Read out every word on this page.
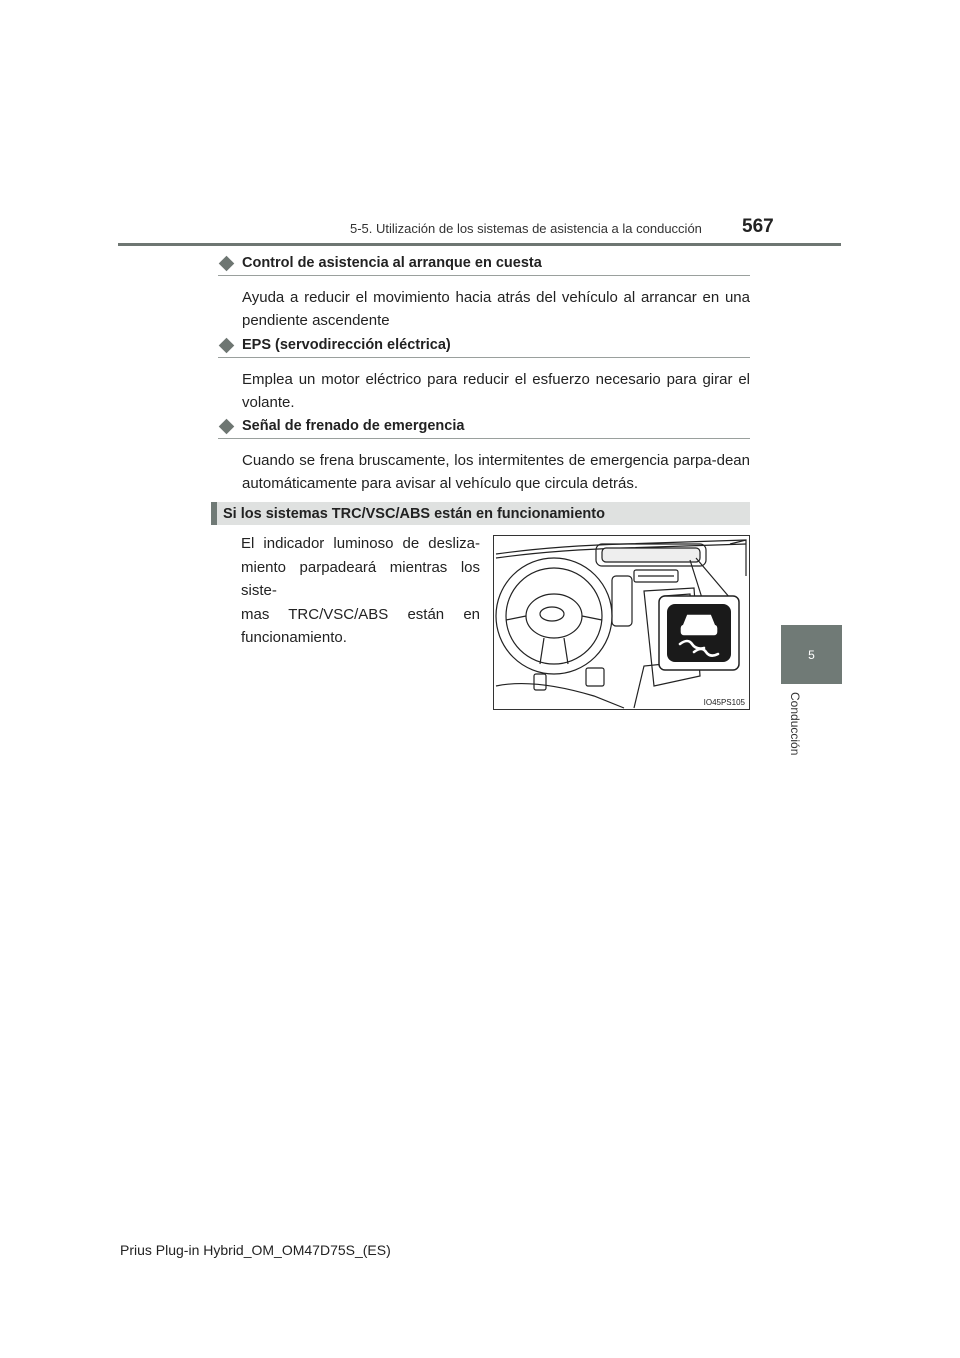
5-5. Utilización de los sistemas de asistencia a la conducción 567
5
Conducción
Control de asistencia al arranque en cuesta
Ayuda a reducir el movimiento hacia atrás del vehículo al arrancar en una pendiente ascendente
EPS (servodirección eléctrica)
Emplea un motor eléctrico para reducir el esfuerzo necesario para girar el volante.
Señal de frenado de emergencia
Cuando se frena bruscamente, los intermitentes de emergencia parpa-dean automáticamente para avisar al vehículo que circula detrás.
Si los sistemas TRC/VSC/ABS están en funcionamiento
El indicador luminoso de desliza-
miento parpadeará mientras los siste-
mas TRC/VSC/ABS están en
funcionamiento.
IO45PS105
Prius Plug-in Hybrid_OM_OM47D75S_(ES)
